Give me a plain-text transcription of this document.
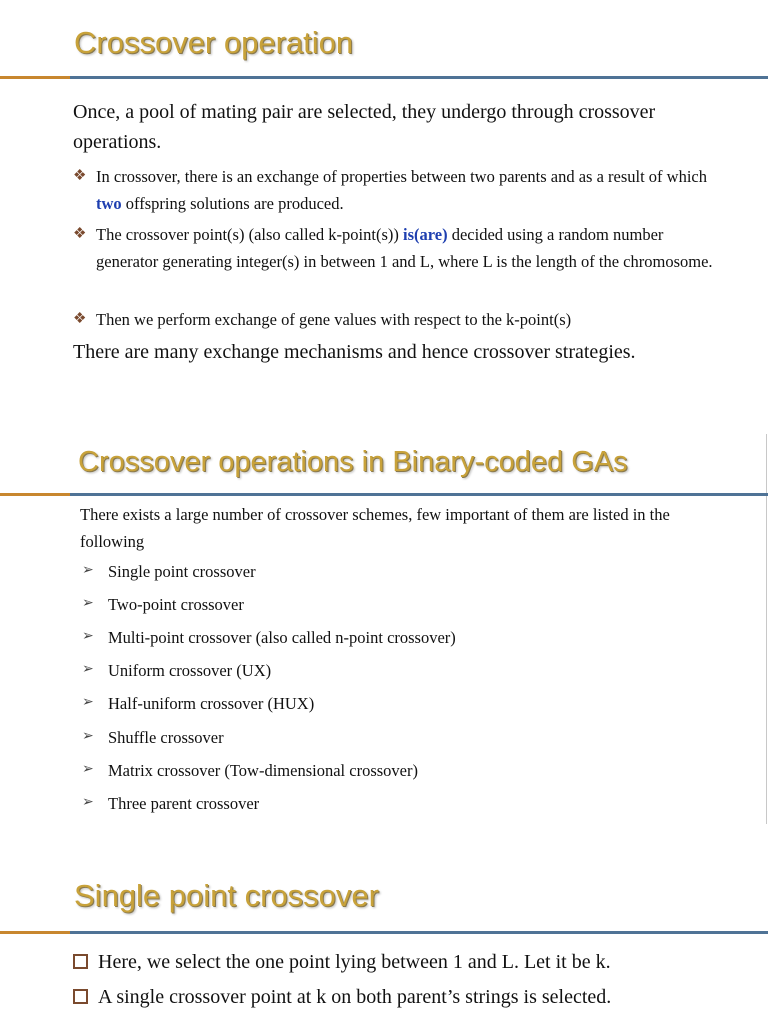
Crossover operation

Once, a pool of mating pair are selected, they undergo through crossover operations.

❖ In crossover, there is an exchange of properties between two parents and as a result of which two offspring solutions are produced.
❖ The crossover point(s) (also called k-point(s)) is(are) decided using a random number generator generating integer(s) in between 1 and L, where L is the length of the chromosome.
❖ Then we perform exchange of gene values with respect to the k-point(s)

There are many exchange mechanisms and hence crossover strategies.

Crossover operations in Binary-coded GAs

There exists a large number of crossover schemes, few important of them are listed in the following

➢ Single point crossover
➢ Two-point crossover
➢ Multi-point crossover (also called n-point crossover)
➢ Uniform crossover (UX)
➢ Half-uniform crossover (HUX)
➢ Shuffle crossover
➢ Matrix crossover (Tow-dimensional crossover)
➢ Three parent crossover
Single point crossover
Here, we select the one point lying between 1 and L. Let it be k.
A single crossover point at k on both parent’s strings is selected.
